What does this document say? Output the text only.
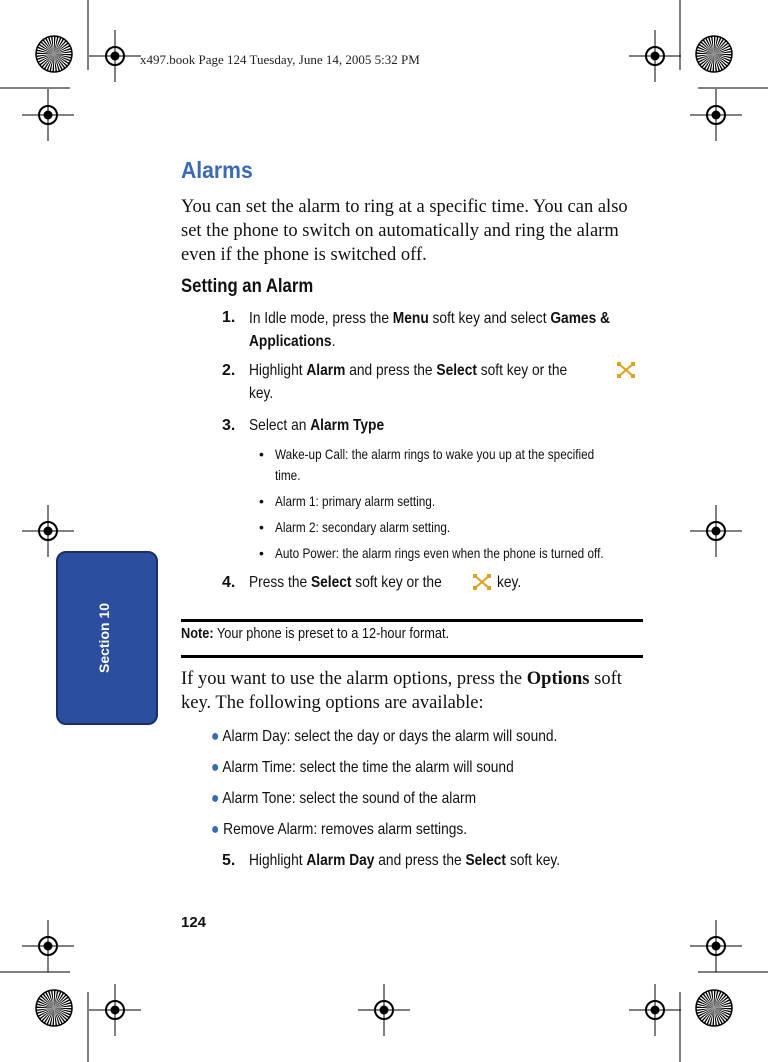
x497.book Page 124 Tuesday, June 14, 2005 5:32 PM
Alarms
You can set the alarm to ring at a specific time. You can also set the phone to switch on automatically and ring the alarm even if the phone is switched off.
Setting an Alarm
1. In Idle mode, press the Menu soft key and select Games & Applications.
2. Highlight Alarm and press the Select soft key or the
key.
3. Select an Alarm Type
• Wake-up Call: the alarm rings to wake you up at the specified
time.
• Alarm 1: primary alarm setting.
• Alarm 2: secondary alarm setting.
• Auto Power: the alarm rings even when the phone is turned off.
4. Press the Select soft key or the	key.
Note: Your phone is preset to a 12-hour format.
If you want to use the alarm options, press the Options soft key. The following options are available:
● Alarm Day: select the day or days the alarm will sound.
● Alarm Time: select the time the alarm will sound
● Alarm Tone: select the sound of the alarm
● Remove Alarm: removes alarm settings.
5. Highlight Alarm Day and press the Select soft key.
124
Section 10
